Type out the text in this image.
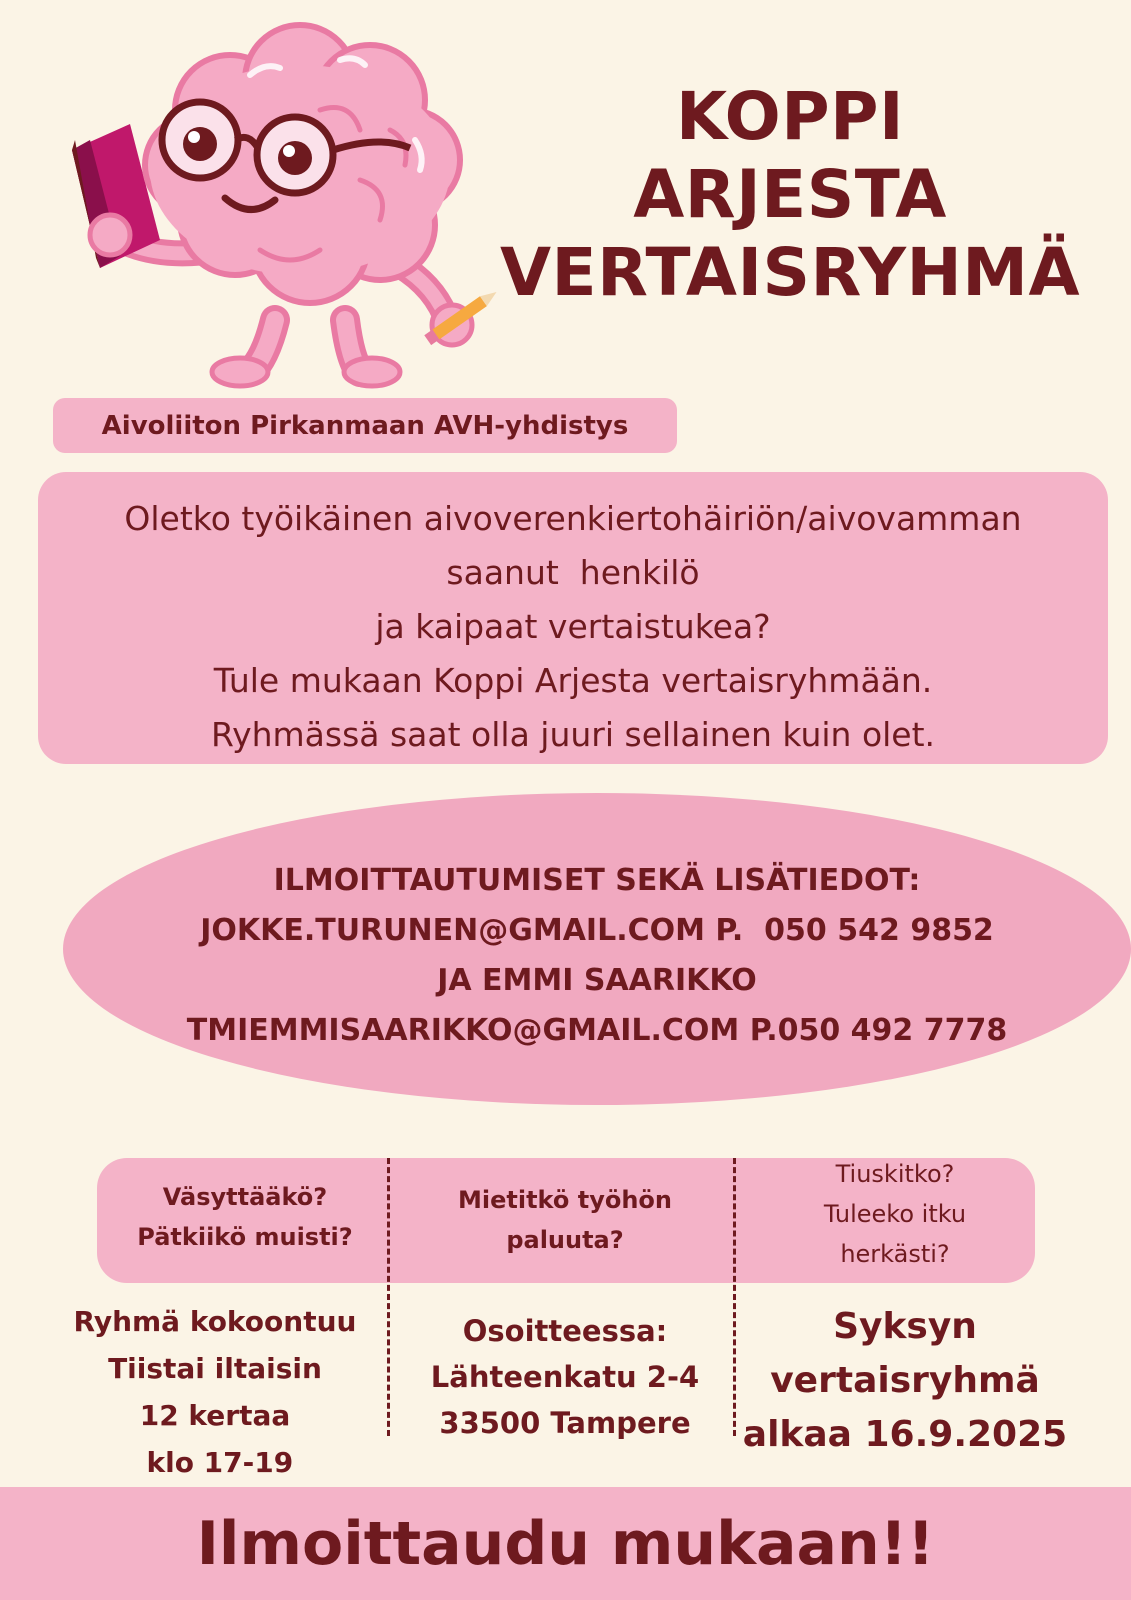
KOPPI
ARJESTA
VERTAISRYHMÄ
Aivoliiton Pirkanmaan AVH-yhdistys
Oletko työikäinen aivoverenkiertohäiriön/aivovamman
saanut  henkilö
ja kaipaat vertaistukea?
Tule mukaan Koppi Arjesta vertaisryhmään.
Ryhmässä saat olla juuri sellainen kuin olet.
ILMOITTAUTUMISET SEKÄ LISÄTIEDOT:
JOKKE.TURUNEN@GMAIL.COM P.  050 542 9852
JA EMMI SAARIKKO
TMIEMMISAARIKKO@GMAIL.COM P.050 492 7778
Väsyttääkö?
Pätkiikö muisti?
Mietitkö työhön
paluuta?
Tiuskitko?
Tuleeko itku
herkästi?
Ryhmä kokoontuu
Tiistai iltaisin
12 kertaa
klo 17-19
Osoitteessa:
Lähteenkatu 2-4
33500 Tampere
Syksyn
vertaisryhmä
alkaa 16.9.2025
Ilmoittaudu mukaan!!
